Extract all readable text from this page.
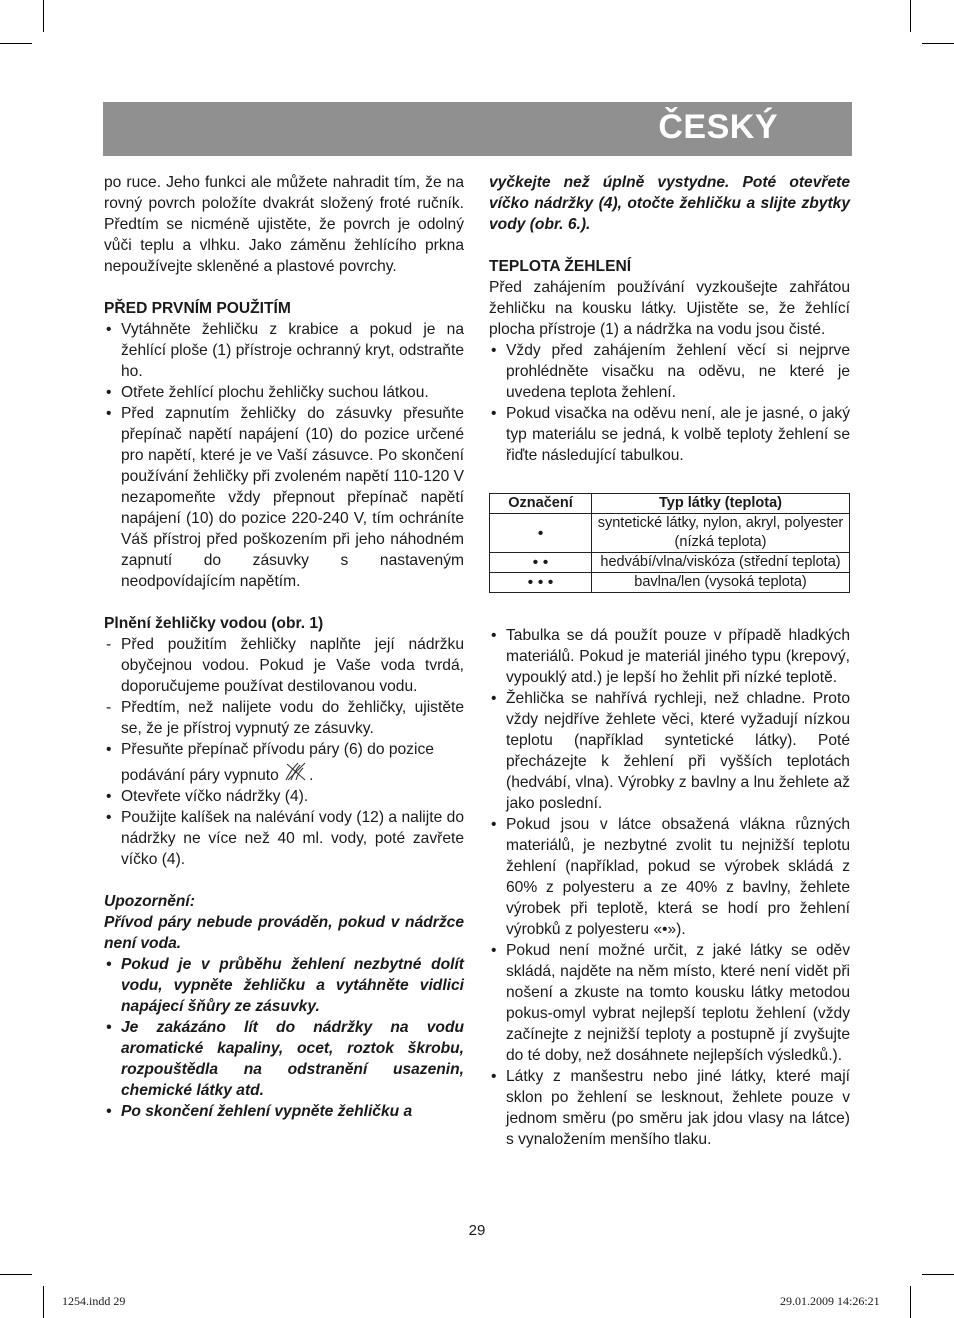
ČESKÝ

po ruce. Jeho funkci ale můžete nahradit tím, že na rovný povrch položíte dvakrát složený froté ručník. Předtím se nicméně ujistěte, že povrch je odolný vůči teplu a vlhku. Jako záměnu žehlícího prkna nepoužívejte skleněné a plastové povrchy.

PŘED PRVNÍM POUŽITÍM

• Vytáhněte žehličku z krabice a pokud je na žehlící ploše (1) přístroje ochranný kryt, odstraňte ho.
• Otřete žehlící plochu žehličky suchou látkou.
• Před zapnutím žehličky do zásuvky přesuňte přepínač napětí napájení (10) do pozice určené pro napětí, které je ve Vaší zásuvce. Po skončení používání žehličky při zvoleném napětí 110-120 V nezapomeňte vždy přepnout přepínač napětí napájení (10) do pozice 220-240 V, tím ochráníte Váš přístroj před poškozením při jeho náhodném zapnutí do zásuvky s nastaveným neodpovídajícím napětím.

Plnění žehličky vodou (obr. 1)

- Před použitím žehličky naplňte její nádržku obyčejnou vodou. Pokud je Vaše voda tvrdá, doporučujeme používat destilovanou vodu.
- Předtím, než nalijete vodu do žehličky, ujistěte se, že je přístroj vypnutý ze zásuvky.
• Přesuňte přepínač přívodu páry (6) do pozice podávání páry vypnuto .
• Otevřete víčko nádržky (4).
• Použijte kalíšek na nalévání vody (12) a nalijte do nádržky ne více než 40 ml. vody, poté zavřete víčko (4).

Upozornění:

Přívod páry nebude prováděn, pokud v nádržce není voda.

• Pokud je v průběhu žehlení nezbytné dolít vodu, vypněte žehličku a vytáhněte vidlici napájecí šňůry ze zásuvky.
• Je zakázáno lít do nádržky na vodu aromatické kapaliny, ocet, roztok škrobu, rozpouštědla na odstranění usazenin, chemické látky atd.
• Po skončení žehlení vypněte žehličku a

vyčkejte než úplně vystydne. Poté otevřete víčko nádržky (4), otočte žehličku a slijte zbytky vody (obr. 6.).

TEPLOTA ŽEHLENÍ

Před zahájením používání vyzkoušejte zahřátou žehličku na kousku látky. Ujistěte se, že žehlící plocha přístroje (1) a nádržka na vodu jsou čisté.

• Vždy před zahájením žehlení věcí si nejprve prohlédněte visačku na oděvu, ne které je uvedena teplota žehlení.
• Pokud visačka na oděvu není, ale je jasné, o jaký typ materiálu se jedná, k volbě teploty žehlení se řiďte následující tabulkou.
Označení	Typ látky (teplota)
•	syntetické látky, nylon, akryl, polyester (nízká teplota)
• •	hedvábí/vlna/viskóza (střední teplota)
• • •	bavlna/len (vysoká teplota)
• Tabulka se dá použít pouze v případě hladkých materiálů. Pokud je materiál jiného typu (krepový, vypouklý atd.) je lepší ho žehlit při nízké teplotě.
• Žehlička se nahřívá rychleji, než chladne. Proto vždy nejdříve žehlete věci, které vyžadují nízkou teplotu (například syntetické látky). Poté přecházejte k žehlení při vyšších teplotách (hedvábí, vlna). Výrobky z bavlny a lnu žehlete až jako poslední.
• Pokud jsou v látce obsažená vlákna různých materiálů, je nezbytné zvolit tu nejnižší teplotu žehlení (například, pokud se výrobek skládá z 60% z polyesteru a ze 40% z bavlny, žehlete výrobek při teplotě, která se hodí pro žehlení výrobků z polyesteru «•»).
• Pokud není možné určit, z jaké látky se oděv skládá, najděte na něm místo, které není vidět při nošení a zkuste na tomto kousku látky metodou pokus-omyl vybrat nejlepší teplotu žehlení (vždy začínejte z nejnižší teploty a postupně jí zvyšujte do té doby, než dosáhnete nejlepších výsledků.).
• Látky z manšestru nebo jiné látky, které mají sklon po žehlení se lesknout, žehlete pouze v jednom směru (po směru jak jdou vlasy na látce) s vynaložením menšího tlaku.
29
1254.indd 29	29.01.2009 14:26:21
